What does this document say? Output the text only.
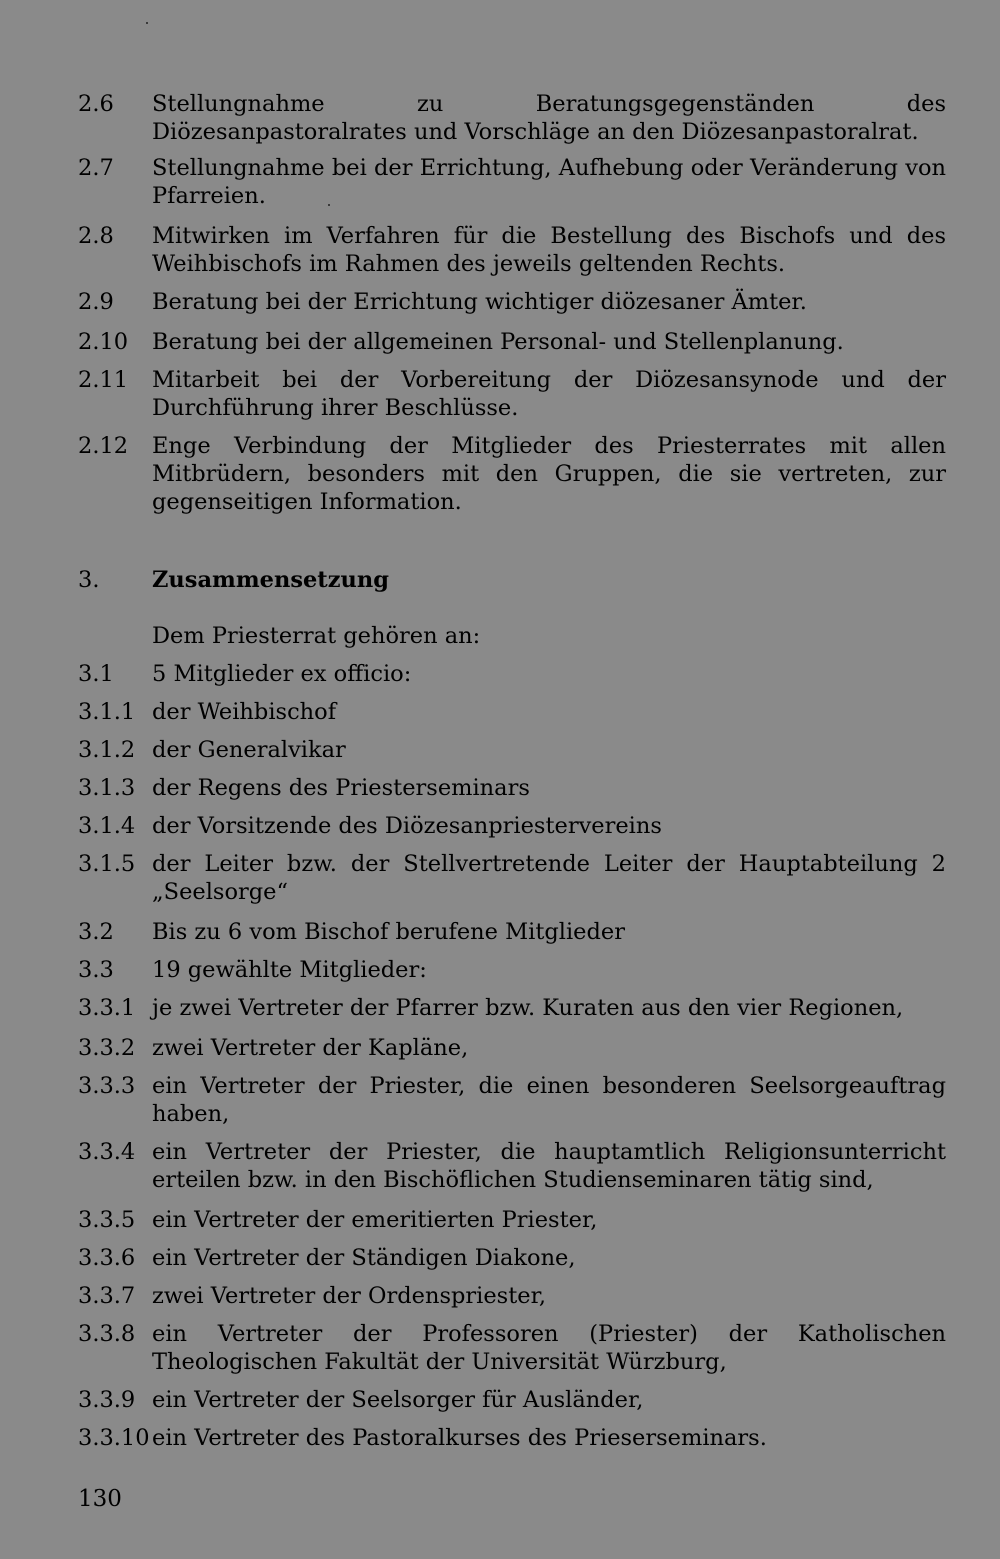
2.6	Stellungnahme zu Beratungsgegenständen des Diözesanpastoralrates und Vorschläge an den Diözesanpastoralrat.
2.7	Stellungnahme bei der Errichtung, Aufhebung oder Veränderung von Pfarreien.
2.8	Mitwirken im Verfahren für die Bestellung des Bischofs und des Weihbischofs im Rahmen des jeweils geltenden Rechts.
2.9	Beratung bei der Errichtung wichtiger diözesaner Ämter.
2.10	Beratung bei der allgemeinen Personal- und Stellenplanung.
2.11	Mitarbeit bei der Vorbereitung der Diözesansynode und der Durchführung ihrer Beschlüsse.
2.12	Enge Verbindung der Mitglieder des Priesterrates mit allen Mitbrüdern, besonders mit den Gruppen, die sie vertreten, zur gegenseitigen Information.
3.	Zusammensetzung
Dem Priesterrat gehören an:
3.1	5 Mitglieder ex officio:
3.1.1 der Weihbischof
3.1.2 der Generalvikar
3.1.3 der Regens des Priesterseminars
3.1.4 der Vorsitzende des Diözesanpriestervereins
3.1.5 der Leiter bzw. der Stellvertretende Leiter der Hauptabteilung 2 „Seelsorge“
3.2	Bis zu 6 vom Bischof berufene Mitglieder
3.3	19 gewählte Mitglieder:
3.3.1 je zwei Vertreter der Pfarrer bzw. Kuraten aus den vier Regionen,
3.3.2 zwei Vertreter der Kapläne,
3.3.3 ein Vertreter der Priester, die einen besonderen Seelsorgeauftrag haben,
3.3.4 ein Vertreter der Priester, die hauptamtlich Religionsunterricht erteilen bzw. in den Bischöflichen Studienseminaren tätig sind,
3.3.5 ein Vertreter der emeritierten Priester,
3.3.6 ein Vertreter der Ständigen Diakone,
3.3.7 zwei Vertreter der Ordenspriester,
3.3.8 ein Vertreter der Professoren (Priester) der Katholischen Theologischen Fakultät der Universität Würzburg,
3.3.9 ein Vertreter der Seelsorger für Ausländer,
3.3.10 ein Vertreter des Pastoralkurses des Prieserseminars.
130
